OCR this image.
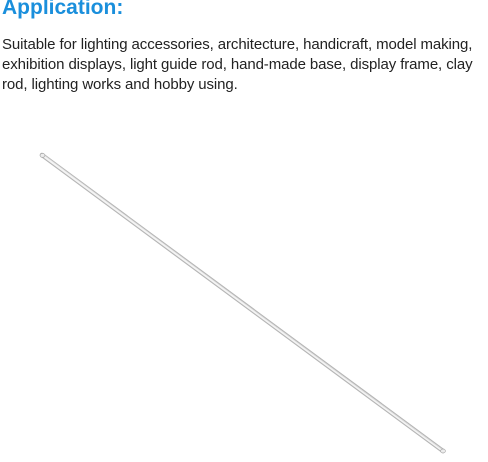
Application:

Suitable for lighting accessories, architecture, handicraft, model making,
exhibition displays, light guide rod, hand-made base, display frame, clay
rod, lighting works and hobby using.
